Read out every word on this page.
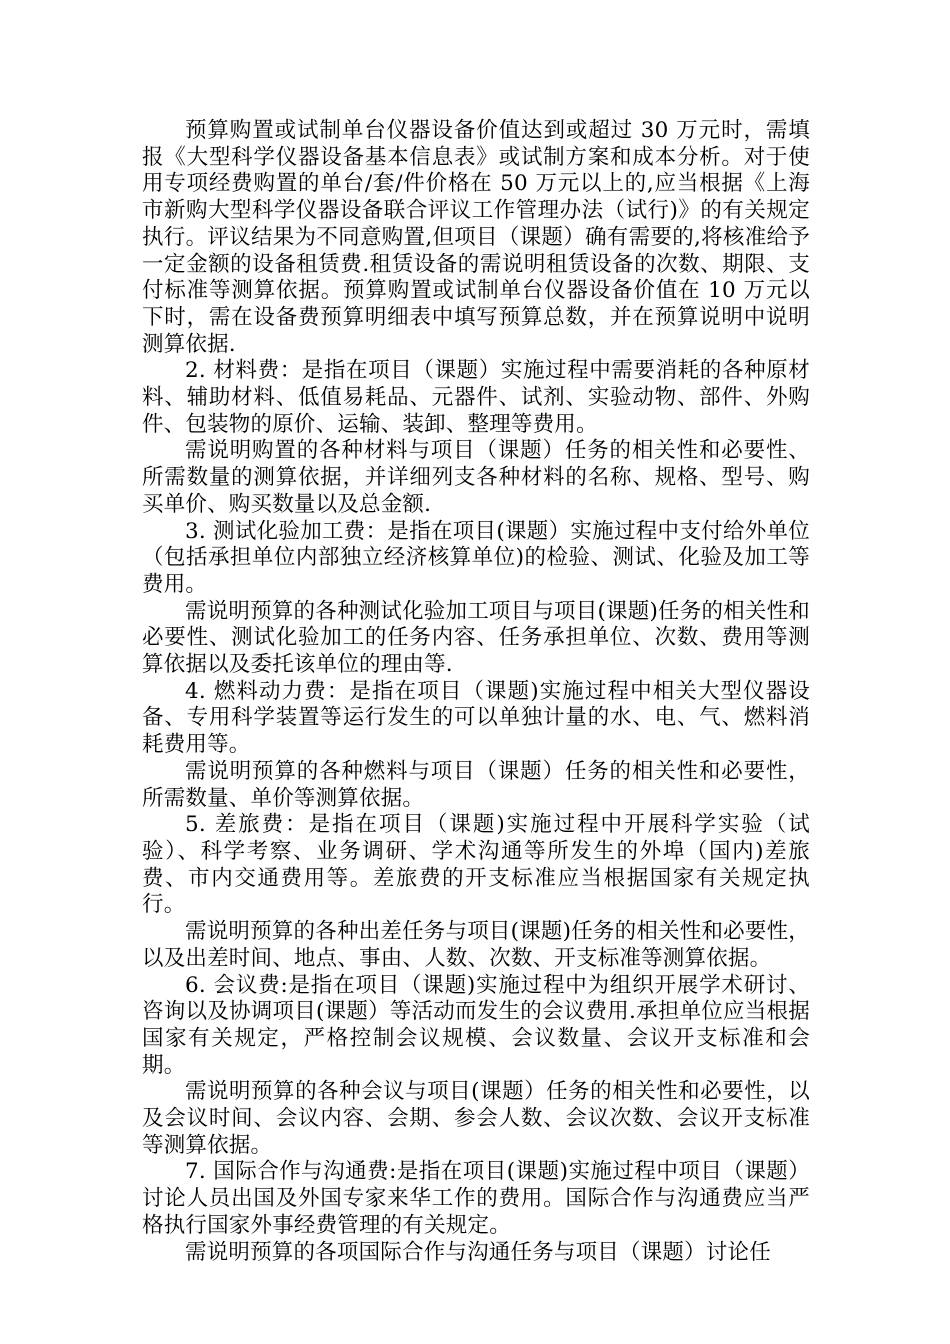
预算购置或试制单台仪器设备价值达到或超过 30 万元时，需填报《大型科学仪器设备基本信息表》或试制方案和成本分析。对于使用专项经费购置的单台/套/件价格在 50 万元以上的,应当根据《上海市新购大型科学仪器设备联合评议工作管理办法（试行)》的有关规定执行。评议结果为不同意购置,但项目（课题）确有需要的,将核准给予一定金额的设备租赁费.租赁设备的需说明租赁设备的次数、期限、支付标准等测算依据。预算购置或试制单台仪器设备价值在 10 万元以下时，需在设备费预算明细表中填写预算总数，并在预算说明中说明测算依据.

2. 材料费：是指在项目（课题）实施过程中需要消耗的各种原材料、辅助材料、低值易耗品、元器件、试剂、实验动物、部件、外购件、包装物的原价、运输、装卸、整理等费用。

需说明购置的各种材料与项目（课题）任务的相关性和必要性、所需数量的测算依据，并详细列支各种材料的名称、规格、型号、购买单价、购买数量以及总金额.

3. 测试化验加工费：是指在项目(课题）实施过程中支付给外单位（包括承担单位内部独立经济核算单位)的检验、测试、化验及加工等费用。

需说明预算的各种测试化验加工项目与项目(课题)任务的相关性和必要性、测试化验加工的任务内容、任务承担单位、次数、费用等测算依据以及委托该单位的理由等.

4. 燃料动力费：是指在项目（课题)实施过程中相关大型仪器设备、专用科学装置等运行发生的可以单独计量的水、电、气、燃料消耗费用等。

需说明预算的各种燃料与项目（课题）任务的相关性和必要性，所需数量、单价等测算依据。

5. 差旅费：是指在项目（课题)实施过程中开展科学实验（试验）、科学考察、业务调研、学术沟通等所发生的外埠（国内)差旅费、市内交通费用等。差旅费的开支标准应当根据国家有关规定执行。

需说明预算的各种出差任务与项目(课题)任务的相关性和必要性，以及出差时间、地点、事由、人数、次数、开支标准等测算依据。

6. 会议费:是指在项目（课题)实施过程中为组织开展学术研讨、咨询以及协调项目(课题）等活动而发生的会议费用.承担单位应当根据国家有关规定，严格控制会议规模、会议数量、会议开支标准和会期。

需说明预算的各种会议与项目(课题）任务的相关性和必要性，以及会议时间、会议内容、会期、参会人数、会议次数、会议开支标准等测算依据。

7. 国际合作与沟通费:是指在项目(课题)实施过程中项目（课题）讨论人员出国及外国专家来华工作的费用。国际合作与沟通费应当严格执行国家外事经费管理的有关规定。

需说明预算的各项国际合作与沟通任务与项目（课题）讨论任
